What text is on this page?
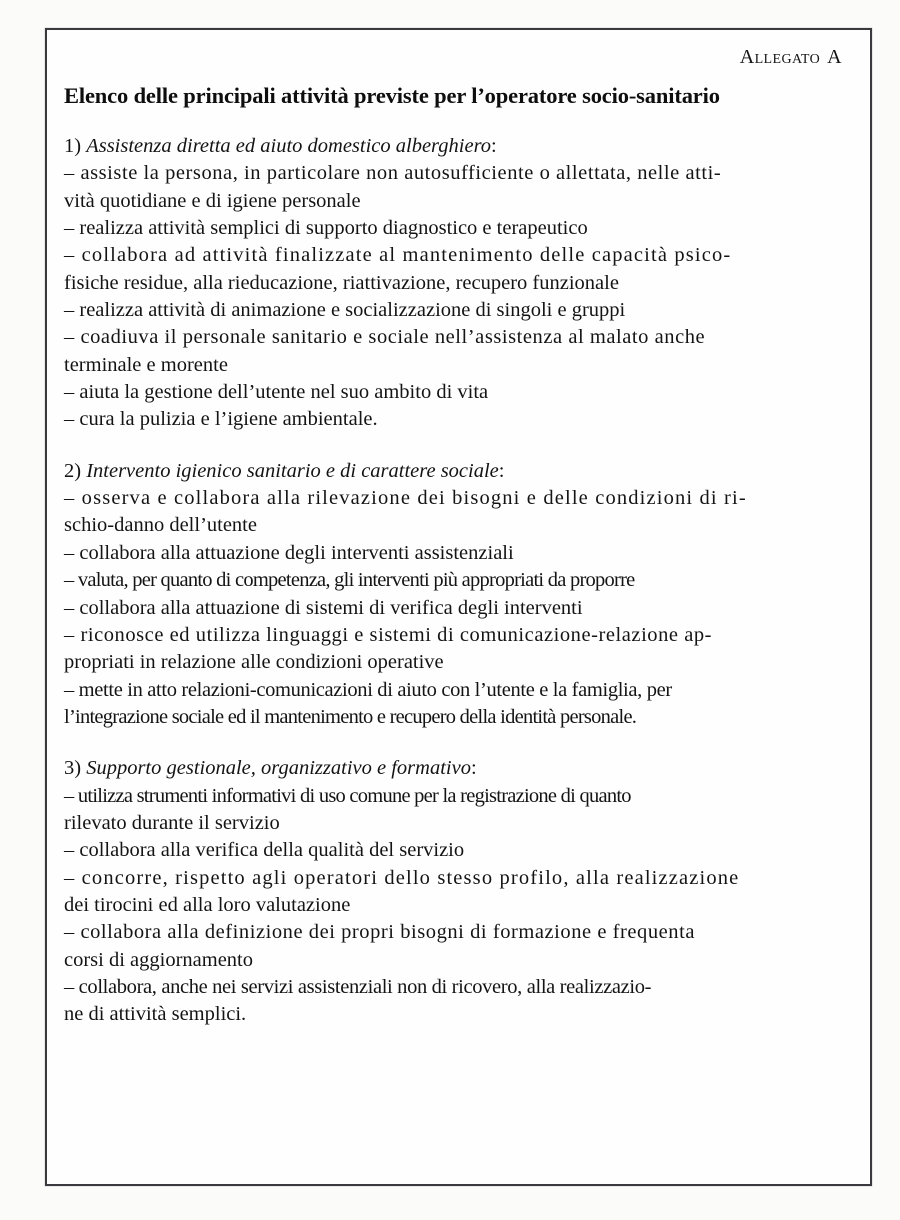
Allegato A
Elenco delle principali attività previste per l’operatore socio-sanitario

1) Assistenza diretta ed aiuto domestico alberghiero:

– assiste la persona, in particolare non autosufficiente o allettata, nelle atti-

vità quotidiane e di igiene personale

– realizza attività semplici di supporto diagnostico e terapeutico

– collabora ad attività finalizzate al mantenimento delle capacità psico-

fisiche residue, alla rieducazione, riattivazione, recupero funzionale

– realizza attività di animazione e socializzazione di singoli e gruppi

– coadiuva il personale sanitario e sociale nell’assistenza al malato anche

terminale e morente

– aiuta la gestione dell’utente nel suo ambito di vita

– cura la pulizia e l’igiene ambientale.

2) Intervento igienico sanitario e di carattere sociale:

– osserva e collabora alla rilevazione dei bisogni e delle condizioni di ri-

schio-danno dell’utente

– collabora alla attuazione degli interventi assistenziali

– valuta, per quanto di competenza, gli interventi più appropriati da proporre

– collabora alla attuazione di sistemi di verifica degli interventi

– riconosce ed utilizza linguaggi e sistemi di comunicazione-relazione ap-

propriati in relazione alle condizioni operative

– mette in atto relazioni-comunicazioni di aiuto con l’utente e la famiglia, per

l’integrazione sociale ed il mantenimento e recupero della identità personale.

3) Supporto gestionale, organizzativo e formativo:

– utilizza strumenti informativi di uso comune per la registrazione di quanto

rilevato durante il servizio

– collabora alla verifica della qualità del servizio

– concorre, rispetto agli operatori dello stesso profilo, alla realizzazione

dei tirocini ed alla loro valutazione

– collabora alla definizione dei propri bisogni di formazione e frequenta

corsi di aggiornamento

– collabora, anche nei servizi assistenziali non di ricovero, alla realizzazio-

ne di attività semplici.
